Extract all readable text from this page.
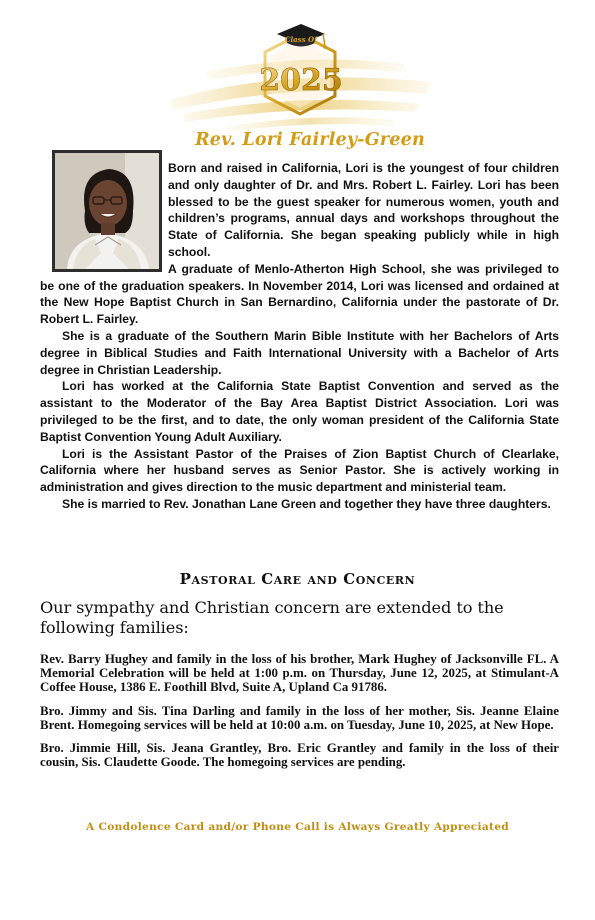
Class Of
2025
Rev. Lori Fairley-Green

Born and raised in California, Lori is the youngest of four children and only daughter of Dr. and Mrs. Robert L. Fairley. Lori has been blessed to be the guest speaker for numerous women, youth and children’s programs, annual days and workshops throughout the State of California. She began speaking publicly while in high school.

A graduate of Menlo-Atherton High School, she was privileged to be one of the graduation speakers. In November 2014, Lori was licensed and ordained at the New Hope Baptist Church in San Bernardino, California under the pastorate of Dr. Robert L. Fairley.

She is a graduate of the Southern Marin Bible Institute with her Bachelors of Arts degree in Biblical Studies and Faith International University with a Bachelor of Arts degree in Christian Leadership.

Lori has worked at the California State Baptist Convention and served as the assistant to the Moderator of the Bay Area Baptist District Association. Lori was privileged to be the first, and to date, the only woman president of the California State Baptist Convention Young Adult Auxiliary.

Lori is the Assistant Pastor of the Praises of Zion Baptist Church of Clearlake, California where her husband serves as Senior Pastor. She is actively working in administration and gives direction to the music department and ministerial team.

She is married to Rev. Jonathan Lane Green and together they have three daughters.

Pastoral Care and Concern
Our sympathy and Christian concern are extended to the following families:

Rev. Barry Hughey and family in the loss of his brother, Mark Hughey of Jacksonville FL. A Memorial Celebration will be held at 1:00 p.m. on Thursday, June 12, 2025, at Stimulant-A Coffee House, 1386 E. Foothill Blvd, Suite A, Upland Ca 91786.

Bro. Jimmy and Sis. Tina Darling and family in the loss of her mother, Sis. Jeanne Elaine Brent. Homegoing services will be held at 10:00 a.m. on Tuesday, June 10, 2025, at New Hope.

Bro. Jimmie Hill, Sis. Jeana Grantley, Bro. Eric Grantley and family in the loss of their cousin, Sis. Claudette Goode. The homegoing services are pending.

A Condolence Card and/or Phone Call is Always Greatly Appreciated
